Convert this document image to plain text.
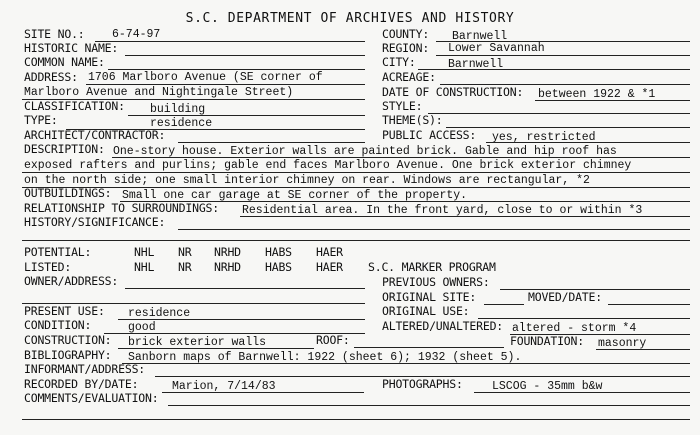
S.C. DEPARTMENT OF ARCHIVES AND HISTORY
SITE NO.: 6-74-97
HISTORIC NAME:
COMMON NAME:
ADDRESS: 1706 Marlboro Avenue (SE corner of
Marlboro Avenue and Nightingale Street)
CLASSIFICATION: building
TYPE:	residence
ARCHITECT/CONTRACTOR:
COUNTY: Barnwell
REGION: Lower Savannah
CITY:	Barnwell
ACREAGE:
DATE OF CONSTRUCTION: between 1922 & *1
STYLE:
THEME(S):
PUBLIC ACCESS: yes, restricted
DESCRIPTION: One-story house. Exterior walls are painted brick. Gable and hip roof has
exposed rafters and purlins; gable end faces Marlboro Avenue. One brick exterior chimney
on the north side; one small interior chimney on rear. Windows are rectangular, *2
OUTBUILDINGS: Small one car garage at SE corner of the property.
RELATIONSHIP TO SURROUNDINGS: Residential area. In the front yard, close to or within *3
HISTORY/SIGNIFICANCE:
POTENTIAL:	NHL NR NRHD HABS HAER
LISTED:	NHL NR NRHD HABS HAER S.C. MARKER PROGRAM
OWNER/ADDRESS:	PREVIOUS OWNERS:
ORIGINAL SITE:	MOVED/DATE:
PRESENT USE: residence	ORIGINAL USE:
CONDITION:	good	ALTERED/UNALTERED: altered - storm *4
CONSTRUCTION: brick exterior walls	ROOF:	FOUNDATION: masonry
BIBLIOGRAPHY: Sanborn maps of Barnwell: 1922 (sheet 6); 1932 (sheet 5).
INFORMANT/ADDRESS:
RECORDED BY/DATE:	Marion, 7/14/83	PHOTOGRAPHS:	LSCOG - 35mm b&w
COMMENTS/EVALUATION:
